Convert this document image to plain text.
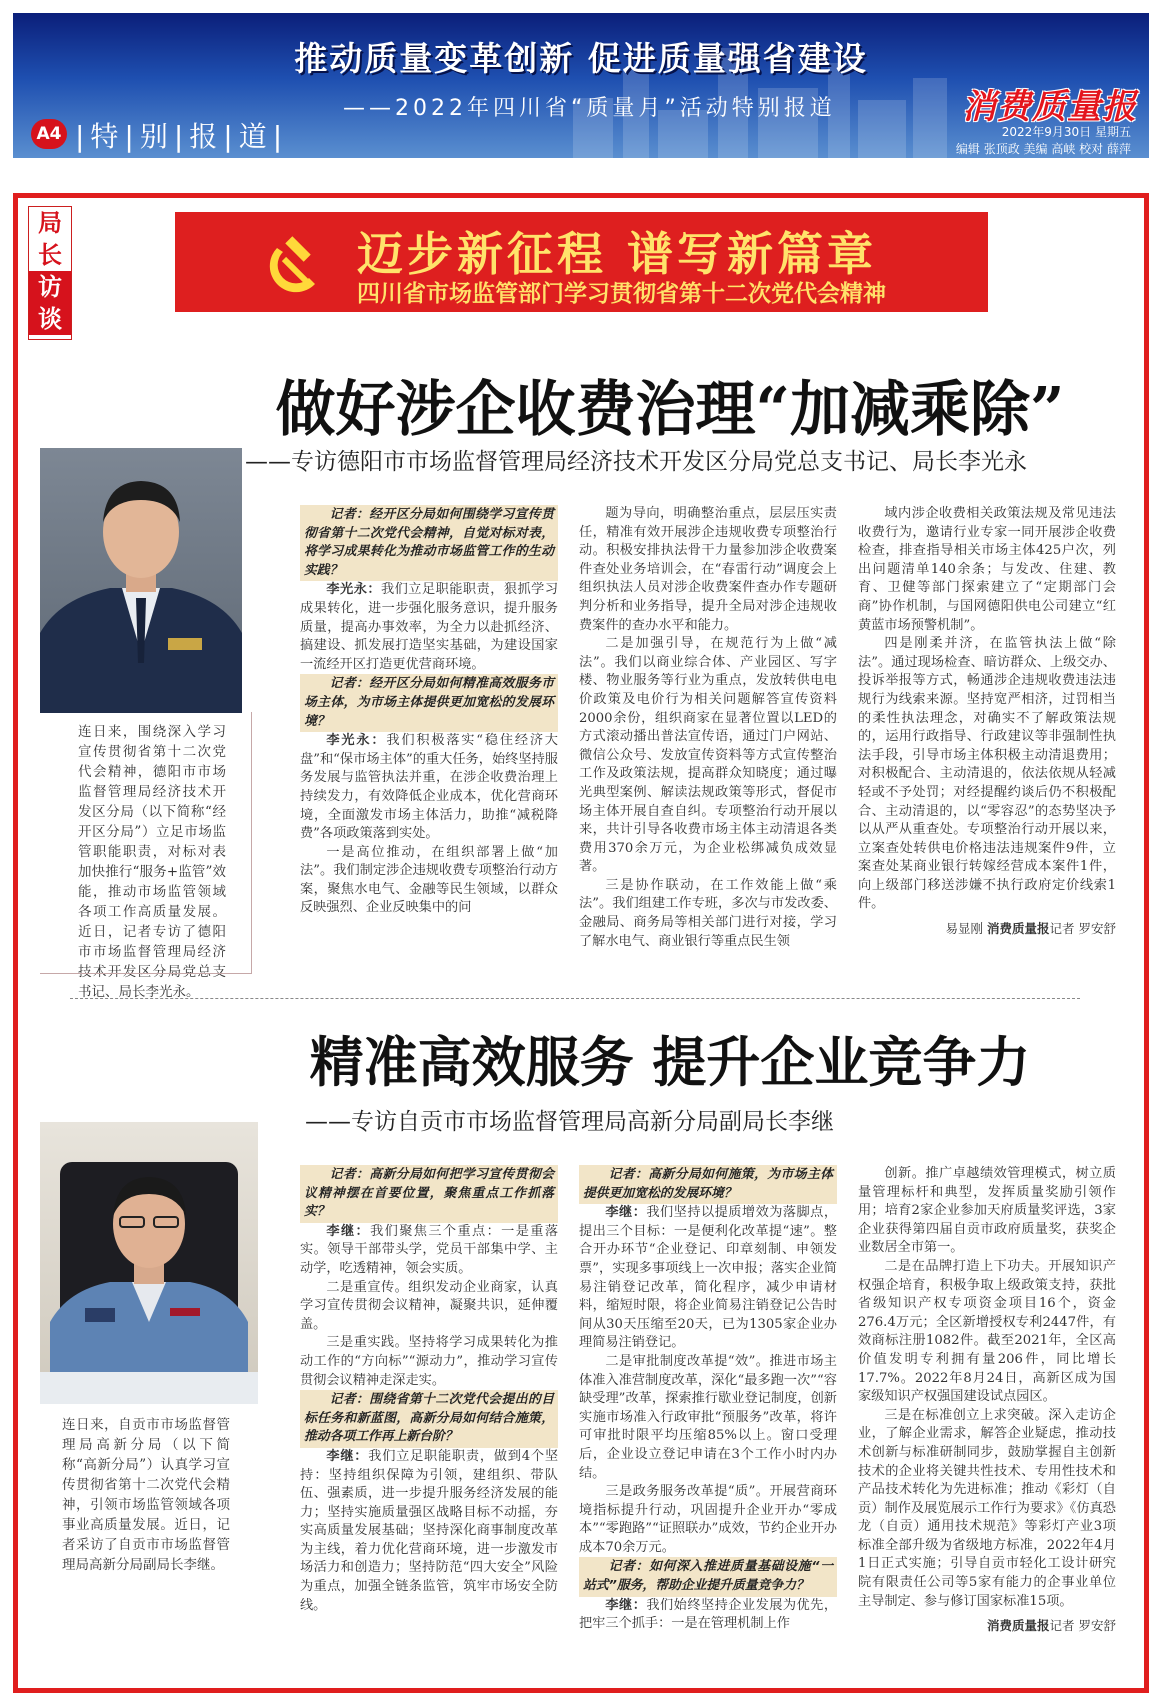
推动质量变革创新 促进质量强省建设
——2022年四川省“质量月”活动特别报道
A4 |特|别|报|道|
消费质量报
2022年9月30日 星期五
编辑 张顶政 美编 高峡 校对 薛萍
局
长
访
谈
迈步新征程 谱写新篇章
四川省市场监管部门学习贯彻省第十二次党代会精神
做好涉企收费治理“加减乘除”
——专访德阳市市场监督管理局经济技术开发区分局党总支书记、局长李光永
连日来，围绕深入学习宣传贯彻省第十二次党代会精神，德阳市市场监督管理局经济技术开发区分局（以下简称“经开区分局”）立足市场监管职能职责，对标对表加快推行“服务+监管”效能，推动市场监管领域各项工作高质量发展。近日，记者专访了德阳市市场监督管理局经济技术开发区分局党总支书记、局长李光永。

记者：经开区分局如何围绕学习宣传贯彻省第十二次党代会精神，自觉对标对表，将学习成果转化为推动市场监管工作的生动实践？

李光永：我们立足职能职责，狠抓学习成果转化，进一步强化服务意识，提升服务质量，提高办事效率，为全力以赴抓经济、搞建设、抓发展打造坚实基础，为建设国家一流经开区打造更优营商环境。

记者：经开区分局如何精准高效服务市场主体，为市场主体提供更加宽松的发展环境？

李光永：我们积极落实“稳住经济大盘”和“保市场主体”的重大任务，始终坚持服务发展与监管执法并重，在涉企收费治理上持续发力，有效降低企业成本，优化营商环境，全面激发市场主体活力，助推“减税降费”各项政策落到实处。

一是高位推动，在组织部署上做“加法”。我们制定涉企违规收费专项整治行动方案，聚焦水电气、金融等民生领域，以群众反映强烈、企业反映集中的问

题为导向，明确整治重点，层层压实责任，精准有效开展涉企违规收费专项整治行动。积极安排执法骨干力量参加涉企收费案件查处业务培训会，在“春雷行动”调度会上组织执法人员对涉企收费案件查办作专题研判分析和业务指导，提升全局对涉企违规收费案件的查办水平和能力。

二是加强引导，在规范行为上做“减法”。我们以商业综合体、产业园区、写字楼、物业服务等行业为重点，发放转供电电价政策及电价行为相关问题解答宣传资料2000余份，组织商家在显著位置以LED的方式滚动播出普法宣传语，通过门户网站、微信公众号、发放宣传资料等方式宣传整治工作及政策法规，提高群众知晓度；通过曝光典型案例、解读法规政策等形式，督促市场主体开展自查自纠。专项整治行动开展以来，共计引导各收费市场主体主动清退各类费用370余万元，为企业松绑减负成效显著。

三是协作联动，在工作效能上做“乘法”。我们组建工作专班，多次与市发改委、金融局、商务局等相关部门进行对接，学习了解水电气、商业银行等重点民生领

域内涉企收费相关政策法规及常见违法收费行为，邀请行业专家一同开展涉企收费检查，排查指导相关市场主体425户次，列出问题清单140余条；与发改、住建、教育、卫健等部门探索建立了“定期部门会商”协作机制，与国网德阳供电公司建立“红黄蓝市场预警机制”。

四是刚柔并济，在监管执法上做“除法”。通过现场检查、暗访群众、上级交办、投诉举报等方式，畅通涉企违规收费违法违规行为线索来源。坚持宽严相济，过罚相当的柔性执法理念，对确实不了解政策法规的，运用行政指导、行政建议等非强制性执法手段，引导市场主体积极主动清退费用；对积极配合、主动清退的，依法依规从轻减轻或不予处罚；对经提醒约谈后仍不积极配合、主动清退的，以“零容忍”的态势坚决予以从严从重查处。专项整治行动开展以来，立案查处转供电价格违法违规案件9件，立案查处某商业银行转嫁经营成本案件1件，向上级部门移送涉嫌不执行政府定价线索1件。

易显刚 消费质量报记者 罗安舒
精准高效服务 提升企业竞争力
——专访自贡市市场监督管理局高新分局副局长李继
连日来，自贡市市场监督管理局高新分局（以下简称“高新分局”）认真学习宣传贯彻省第十二次党代会精神，引领市场监管领域各项事业高质量发展。近日，记者采访了自贡市市场监督管理局高新分局副局长李继。

记者：高新分局如何把学习宣传贯彻会议精神摆在首要位置，聚焦重点工作抓落实？

李继：我们聚焦三个重点：一是重落实。领导干部带头学，党员干部集中学、主动学，吃透精神，领会实质。

二是重宣传。组织发动企业商家，认真学习宣传贯彻会议精神，凝聚共识，延伸覆盖。

三是重实践。坚持将学习成果转化为推动工作的“方向标”“源动力”，推动学习宣传贯彻会议精神走深走实。

记者：围绕省第十二次党代会提出的目标任务和新蓝图，高新分局如何结合施策，推动各项工作再上新台阶？

李继：我们立足职能职责，做到4个坚持：坚持组织保障为引领，建组织、带队伍、强素质，进一步提升服务经济发展的能力；坚持实施质量强区战略目标不动摇，夯实高质量发展基础；坚持深化商事制度改革为主线，着力优化营商环境，进一步激发市场活力和创造力；坚持防范“四大安全”风险为重点，加强全链条监管，筑牢市场安全防线。

记者：高新分局如何施策，为市场主体提供更加宽松的发展环境？

李继：我们坚持以提质增效为落脚点，提出三个目标：一是便利化改革提“速”。整合开办环节“企业登记、印章刻制、申领发票”，实现多事项线上一次申报；落实企业简易注销登记改革，简化程序，减少申请材料，缩短时限，将企业简易注销登记公告时间从30天压缩至20天，已为1305家企业办理简易注销登记。

二是审批制度改革提“效”。推进市场主体准入准营制度改革，深化“最多跑一次”“容缺受理”改革，探索推行歇业登记制度，创新实施市场准入行政审批“预服务”改革，将许可审批时限平均压缩85%以上。窗口受理后，企业设立登记申请在3个工作小时内办结。

三是政务服务改革提“质”。开展营商环境指标提升行动，巩固提升企业开办“零成本”“零跑路”“证照联办”成效，节约企业开办成本70余万元。

记者：如何深入推进质量基础设施“一站式”服务，帮助企业提升质量竞争力？

李继：我们始终坚持企业发展为优先，把牢三个抓手：一是在管理机制上作

创新。推广卓越绩效管理模式，树立质量管理标杆和典型，发挥质量奖励引领作用；培育2家企业参加天府质量奖评选，3家企业获得第四届自贡市政府质量奖，获奖企业数居全市第一。

二是在品牌打造上下功夫。开展知识产权强企培育，积极争取上级政策支持，获批省级知识产权专项资金项目16个，资金276.4万元；全区新增授权专利2447件，有效商标注册1082件。截至2021年，全区高价值发明专利拥有量206件，同比增长17.7%。2022年8月24日，高新区成为国家级知识产权强国建设试点园区。

三是在标准创立上求突破。深入走访企业，了解企业需求，解答企业疑虑，推动技术创新与标准研制同步，鼓励掌握自主创新技术的企业将关键共性技术、专用性技术和产品技术转化为先进标准；推动《彩灯（自贡）制作及展览展示工作行为要求》《仿真恐龙（自贡）通用技术规范》等彩灯产业3项标准全部升级为省级地方标准，2022年4月1日正式实施；引导自贡市轻化工设计研究院有限责任公司等5家有能力的企事业单位主导制定、参与修订国家标准15项。

消费质量报记者 罗安舒
